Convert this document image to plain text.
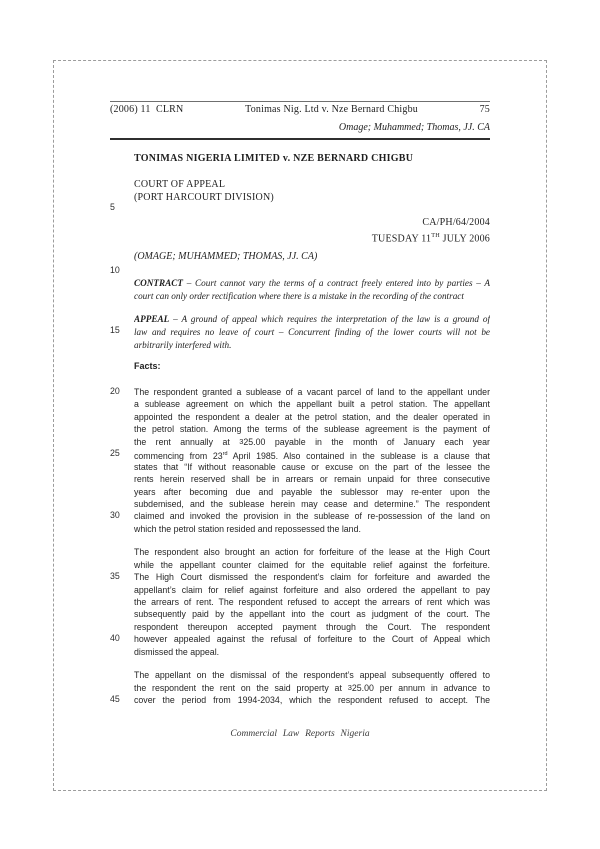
(2006) 11  CLRN	Tonimas Nig. Ltd v. Nze Bernard Chigbu	75
Omage; Muhammed; Thomas, JJ. CA
TONIMAS NIGERIA LIMITED v. NZE BERNARD CHIGBU
COURT OF APPEAL
(PORT HARCOURT DIVISION)
CA/PH/64/2004
TUESDAY 11TH JULY 2006
(OMAGE; MUHAMMED; THOMAS, JJ. CA)
CONTRACT – Court cannot vary the terms of a contract freely entered into by parties – A
court can only order rectification where there is a mistake in the recording of the contract
APPEAL – A ground of appeal which requires the interpretation of the law is a ground of
law and requires no leave of court – Concurrent finding of the lower courts will not be
arbitrarily interfered with.
Facts:
The respondent granted a sublease of a vacant parcel of land to the appellant under
a sublease agreement on which the appellant built a petrol station. The appellant
appointed the respondent a dealer at the petrol station, and the dealer operated in
the petrol station. Among the terms of the sublease agreement is the payment of
the rent annually at 325.00 payable in the month of January each year
commencing from 23rd April 1985. Also contained in the sublease is a clause that
states that “If without reasonable cause or excuse on the part of the lessee the
rents herein reserved shall be in arrears or remain unpaid for three consecutive
years after becoming due and payable the sublessor may re-enter upon the
subdemised, and the sublease herein may cease and determine.” The respondent
claimed and invoked the provision in the sublease of re-possession of the land on
which the petrol station resided and repossessed the land.
The respondent also brought an action for forfeiture of the lease at the High Court
while the appellant counter claimed for the equitable relief against the forfeiture.
The High Court dismissed the respondent’s claim for forfeiture and awarded the
appellant’s claim for relief against forfeiture and also ordered the appellant to pay
the arrears of rent. The respondent refused to accept the arrears of rent which was
subsequently paid by the appellant into the court as judgment of the court. The
respondent thereupon accepted payment through the Court. The respondent
however appealed against the refusal of forfeiture to the Court of Appeal which
dismissed the appeal.
The appellant on the dismissal of the respondent’s appeal subsequently offered to
the respondent the rent on the said property at 325.00 per annum in advance to
cover the period from 1994-2034, which the respondent refused to accept. The
5
10
15
20
25
30
35
40
45
Commercial Law Reports Nigeria
